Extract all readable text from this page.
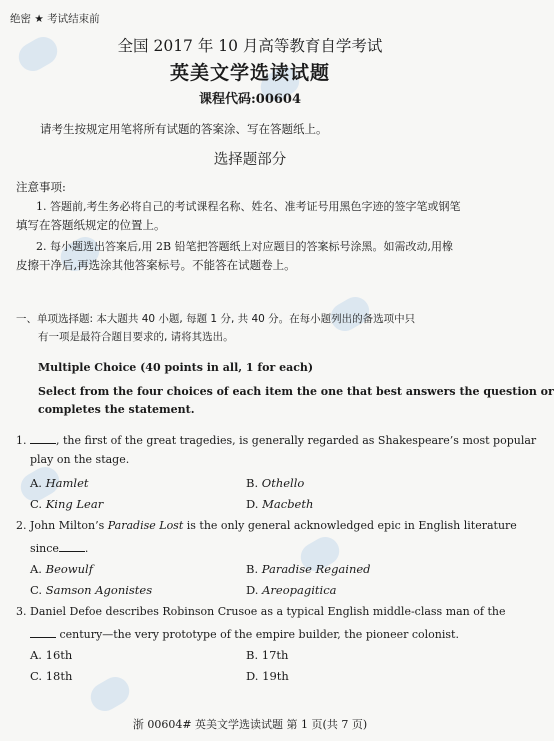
绝密 ★ 考试结束前
全国 2017 年 10 月高等教育自学考试
英美文学选读试题
课程代码:00604
请考生按规定用笔将所有试题的答案涂、写在答题纸上。
选择题部分
注意事项:
1. 答题前,考生务必将自己的考试课程名称、姓名、准考证号用黑色字迹的签字笔或钢笔
填写在答题纸规定的位置上。
2. 每小题选出答案后,用 2B 铅笔把答题纸上对应题目的答案标号涂黑。如需改动,用橡
皮擦干净后,再选涂其他答案标号。不能答在试题卷上。
一、单项选择题: 本大题共 40 小题, 每题 1 分, 共 40 分。在每小题列出的备选项中只
有一项是最符合题目要求的, 请将其选出。
Multiple Choice (40 points in all, 1 for each)
Select from the four choices of each item the one that best answers the question or
completes the statement.
1.	, the first of the great tragedies, is generally regarded as Shakespeare’s most popular
play on the stage.
A. Hamlet	B. Othello
C. King Lear	D. Macbeth
2. John Milton’s Paradise Lost is the only general acknowledged epic in English literature
since .
A. Beowulf	B. Paradise Regained
C. Samson Agonistes	D. Areopagitica
3. Daniel Defoe describes Robinson Crusoe as a typical English middle-class man of the
century—the very prototype of the empire builder, the pioneer colonist.
A. 16th	B. 17th
C. 18th	D. 19th
浙 00604# 英美文学选读试题 第 1 页(共 7 页)
